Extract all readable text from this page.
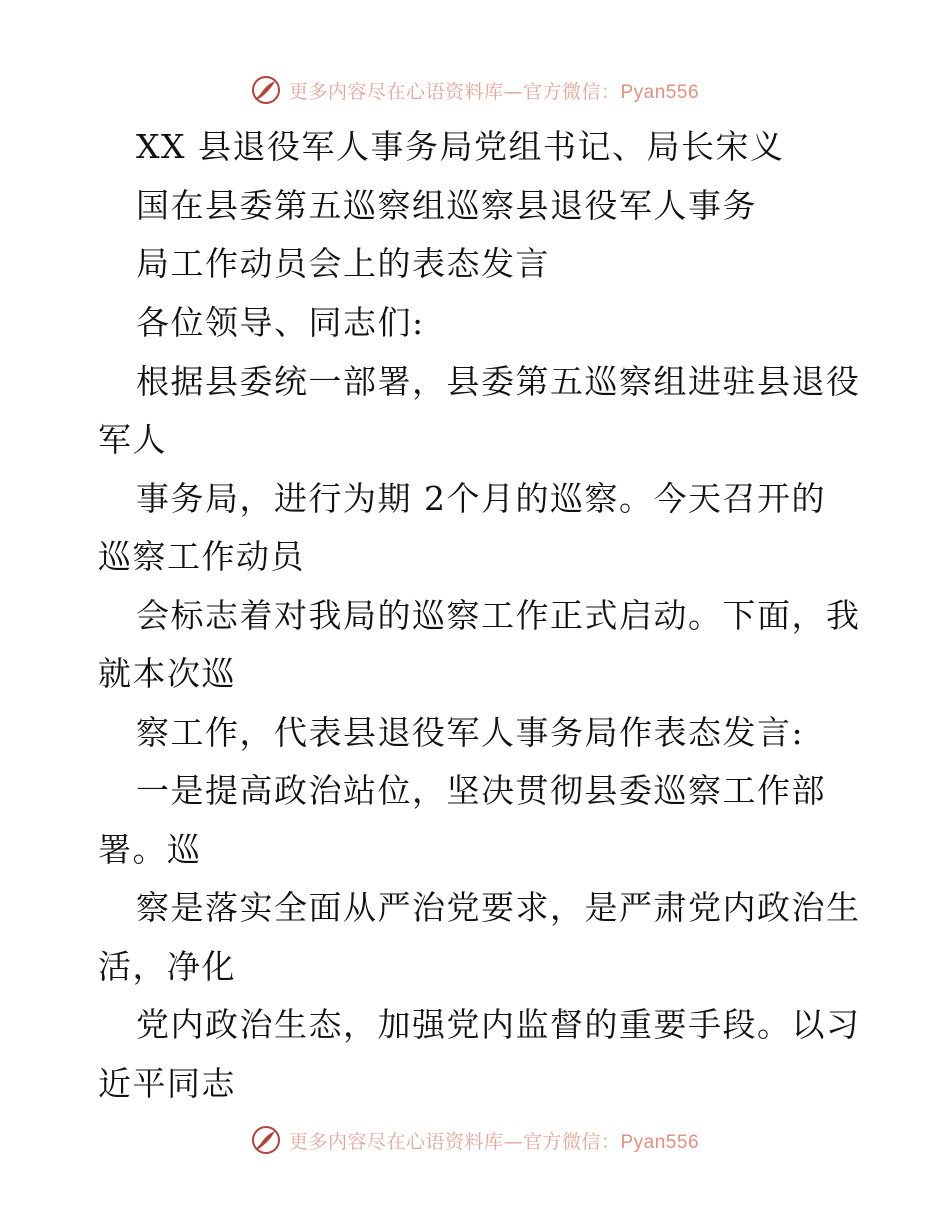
更多内容尽在心语资料库—官方微信：Pyan556
XX 县退役军人事务局党组书记、局长宋义
国在县委第五巡察组巡察县退役军人事务
局工作动员会上的表态发言
各位领导、同志们:
根据县委统一部署，县委第五巡察组进驻县退役
军人
事务局，进行为期 2个月的巡察。今天召开的
巡察工作动员
会标志着对我局的巡察工作正式启动。下面，我
就本次巡
察工作，代表县退役军人事务局作表态发言:
一是提高政治站位，坚决贯彻县委巡察工作部
署。巡
察是落实全面从严治党要求，是严肃党内政治生
活，净化
党内政治生态，加强党内监督的重要手段。以习
近平同志
更多内容尽在心语资料库—官方微信：Pyan556
